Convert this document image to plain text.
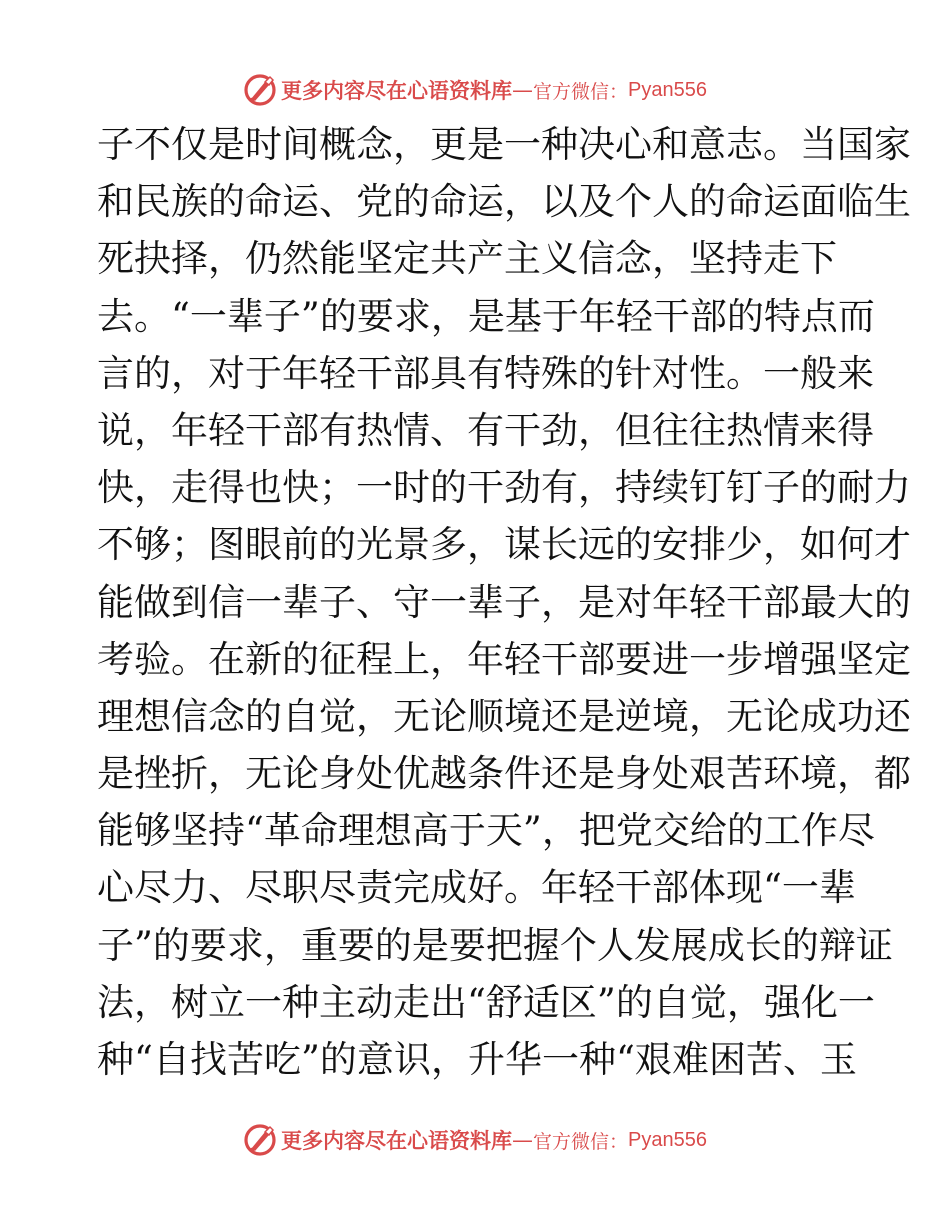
更多内容尽在心语资料库 — 官方微信： Pyan556
子不仅是时间概念，更是一种决心和意志。当国家
和民族的命运、党的命运，以及个人的命运面临生
死抉择，仍然能坚定共产主义信念，坚持走下
去。“一辈子”的要求，是基于年轻干部的特点而
言的，对于年轻干部具有特殊的针对性。一般来
说，年轻干部有热情、有干劲，但往往热情来得
快，走得也快；一时的干劲有，持续钉钉子的耐力
不够；图眼前的光景多，谋长远的安排少，如何才
能做到信一辈子、守一辈子，是对年轻干部最大的
考验。在新的征程上，年轻干部要进一步增强坚定
理想信念的自觉，无论顺境还是逆境，无论成功还
是挫折，无论身处优越条件还是身处艰苦环境，都
能够坚持“革命理想高于天”，把党交给的工作尽
心尽力、尽职尽责完成好。年轻干部体现“一辈
子”的要求，重要的是要把握个人发展成长的辩证
法，树立一种主动走出“舒适区”的自觉，强化一
种“自找苦吃”的意识，升华一种“艰难困苦、玉
更多内容尽在心语资料库 — 官方微信： Pyan556
